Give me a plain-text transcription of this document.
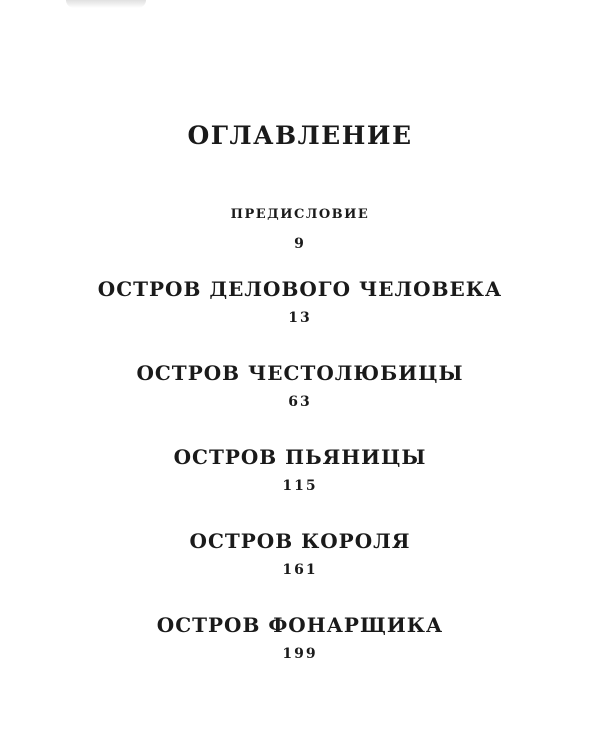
ОГЛАВЛЕНИЕ
ПРЕДИСЛОВИЕ
9
ОСТРОВ ДЕЛОВОГО ЧЕЛОВЕКА
13
ОСТРОВ ЧЕСТОЛЮБИЦЫ
63
ОСТРОВ ПЬЯНИЦЫ
115
ОСТРОВ КОРОЛЯ
161
ОСТРОВ ФОНАРЩИКА
199
